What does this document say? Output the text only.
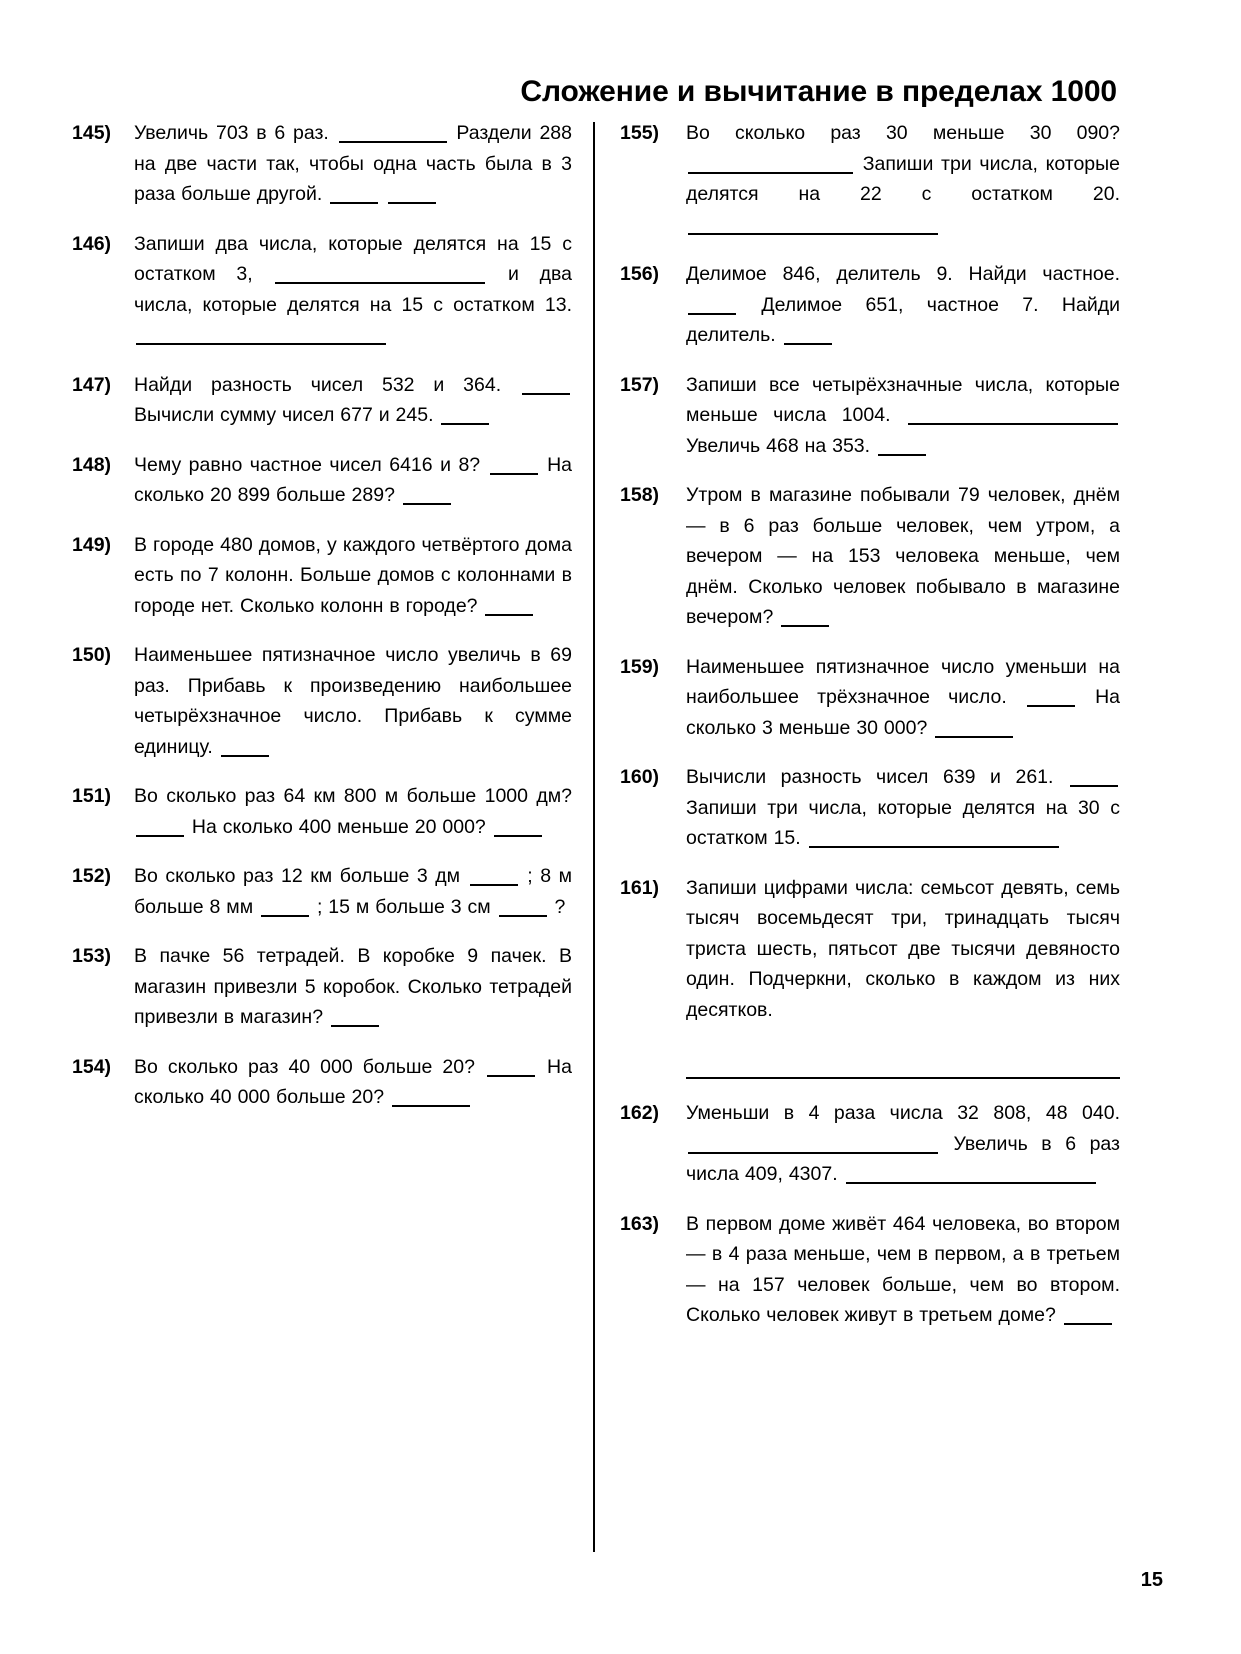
Сложение и вычитание в пределах 1000
145)	Увеличь 703 в 6 раз.	Раздели 288 на две части так, чтобы одна часть была в 3 раза больше другой.
146)	Запиши два числа, которые делятся на 15 с остатком 3,	и два числа, которые делятся на 15 с остатком 13.
147)	Найди разность чисел 532 и 364.  Вычисли сумму чисел 677 и 245.
148)	Чему равно частное чисел 6416 и 8?	На сколько 20 899 больше 289?
149)	В городе 480 домов, у каждого четвёртого дома есть по 7 колонн. Больше домов с колоннами в городе нет. Сколько колонн в городе?
150)	Наименьшее пятизначное число увеличь в 69 раз. Прибавь к произведению наибольшее четырёхзначное число. Прибавь к сумме единицу.
151)	Во сколько раз 64 км 800 м больше 1000 дм?  На сколько 400 меньше 20 000?
152)	Во сколько раз 12 км больше 3 дм	; 8 м больше 8 мм	; 15 м больше 3 см	?
153)	В пачке 56 тетрадей. В коробке 9 пачек. В магазин привезли 5 коробок. Сколько тетрадей привезли в магазин?
154)	Во сколько раз 40 000 больше 20?	На сколько 40 000 больше 20?
155)	Во сколько раз 30 меньше 30 090?  Запиши три числа, которые делятся на 22 с остатком 20.
156)	Делимое 846, делитель 9. Найди частное.  Делимое 651, частное 7. Найди делитель.
157)	Запиши все четырёхзначные числа, которые меньше числа 1004.  Увеличь 468 на 353.
158)	Утром в магазине побывали 79 человек, днём — в 6 раз больше человек, чем утром, а вечером — на 153 человека меньше, чем днём. Сколько человек побывало в магазине вечером?
159)	Наименьшее пятизначное число уменьши на наибольшее трёхзначное число.	На сколько 3 меньше 30 000?
160)	Вычисли разность чисел 639 и 261.  Запиши три числа, которые делятся на 30 с остатком 15.
161)	Запиши цифрами числа: семьсот девять, семь тысяч восемьдесят три, тринадцать тысяч триста шесть, пятьсот две тысячи девяносто один. Подчеркни, сколько в каждом из них десятков.
162)	Уменьши в 4 раза числа 32 808, 48 040.  Увеличь в 6 раз числа 409, 4307.
163)	В первом доме живёт 464 человека, во втором — в 4 раза меньше, чем в первом, а в третьем — на 157 человек больше, чем во втором. Сколько человек живут в третьем доме?
15
